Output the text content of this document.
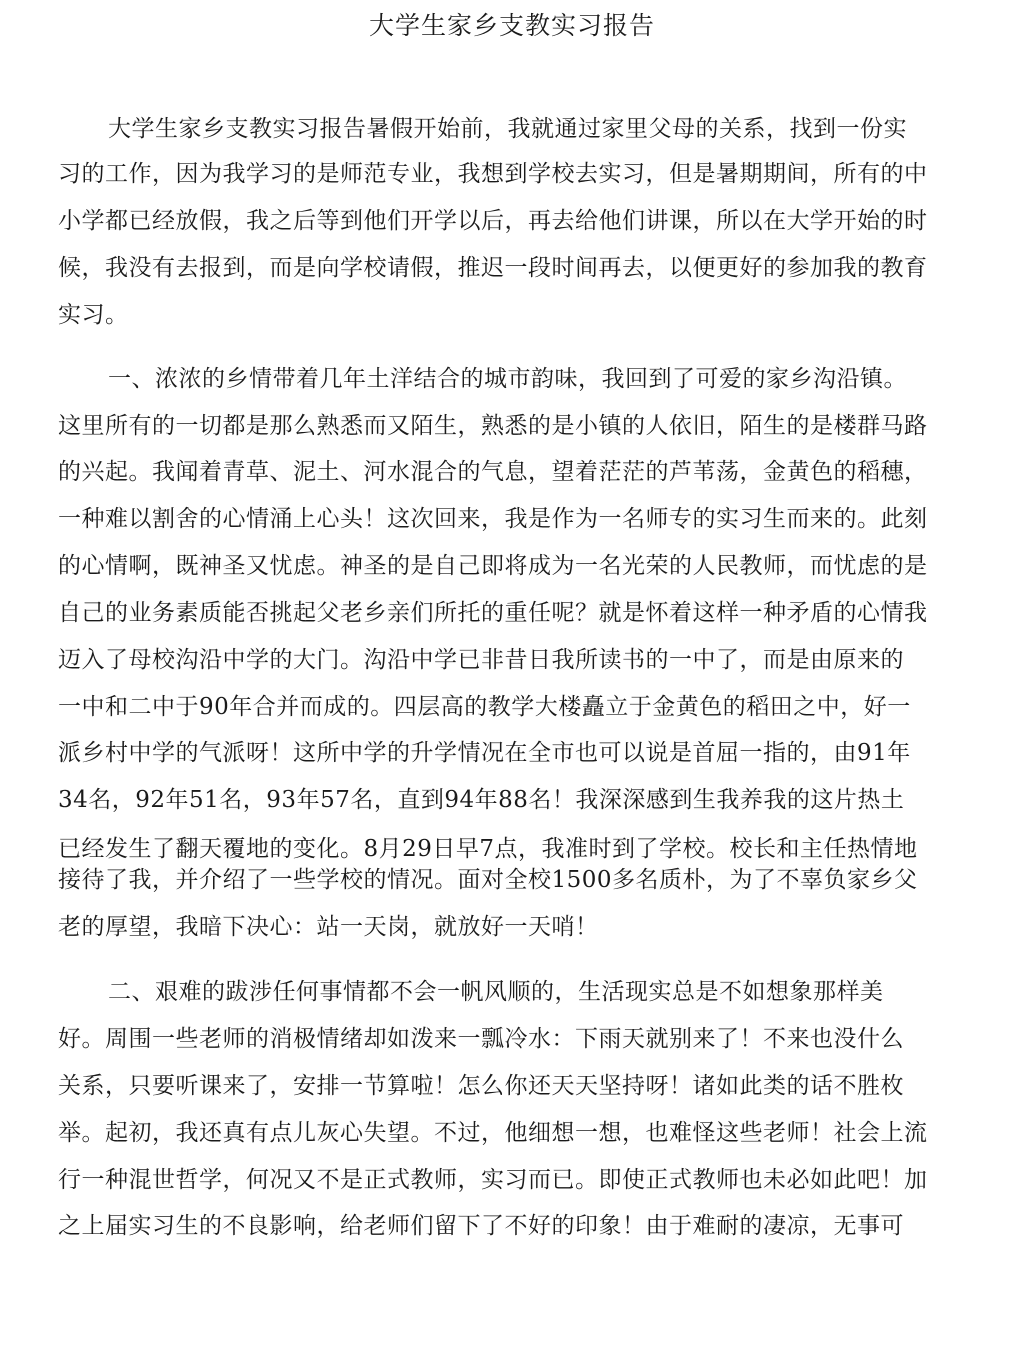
大学生家乡支教实习报告
大学生家乡支教实习报告暑假开始前，我就通过家里父母的关系，找到一份实
习的工作，因为我学习的是师范专业，我想到学校去实习，但是暑期期间，所有的中
小学都已经放假，我之后等到他们开学以后，再去给他们讲课，所以在大学开始的时
候，我没有去报到，而是向学校请假，推迟一段时间再去，以便更好的参加我的教育
实习。
一、浓浓的乡情带着几年土洋结合的城市韵味，我回到了可爱的家乡沟沿镇。
这里所有的一切都是那么熟悉而又陌生，熟悉的是小镇的人依旧，陌生的是楼群马路
的兴起。我闻着青草、泥土、河水混合的气息，望着茫茫的芦苇荡，金黄色的稻穗，
一种难以割舍的心情涌上心头！这次回来，我是作为一名师专的实习生而来的。此刻
的心情啊，既神圣又忧虑。神圣的是自己即将成为一名光荣的人民教师，而忧虑的是
自己的业务素质能否挑起父老乡亲们所托的重任呢？就是怀着这样一种矛盾的心情我
迈入了母校沟沿中学的大门。沟沿中学已非昔日我所读书的一中了，而是由原来的
一中和二中于90年合并而成的。四层高的教学大楼矗立于金黄色的稻田之中，好一
派乡村中学的气派呀！这所中学的升学情况在全市也可以说是首屈一指的，由91年
34名，92年51名，93年57名，直到94年88名！我深深感到生我养我的这片热土
已经发生了翻天覆地的变化。8月29日早7点，我准时到了学校。校长和主任热情地
接待了我，并介绍了一些学校的情况。面对全校1500多名质朴，为了不辜负家乡父
老的厚望，我暗下决心：站一天岗，就放好一天哨！
二、艰难的跋涉任何事情都不会一帆风顺的，生活现实总是不如想象那样美
好。周围一些老师的消极情绪却如泼来一瓢冷水：下雨天就别来了！不来也没什么
关系，只要听课来了，安排一节算啦！怎么你还天天坚持呀！诸如此类的话不胜枚
举。起初，我还真有点儿灰心失望。不过，他细想一想，也难怪这些老师！社会上流
行一种混世哲学，何况又不是正式教师，实习而已。即使正式教师也未必如此吧！加
之上届实习生的不良影响，给老师们留下了不好的印象！由于难耐的凄凉，无事可
